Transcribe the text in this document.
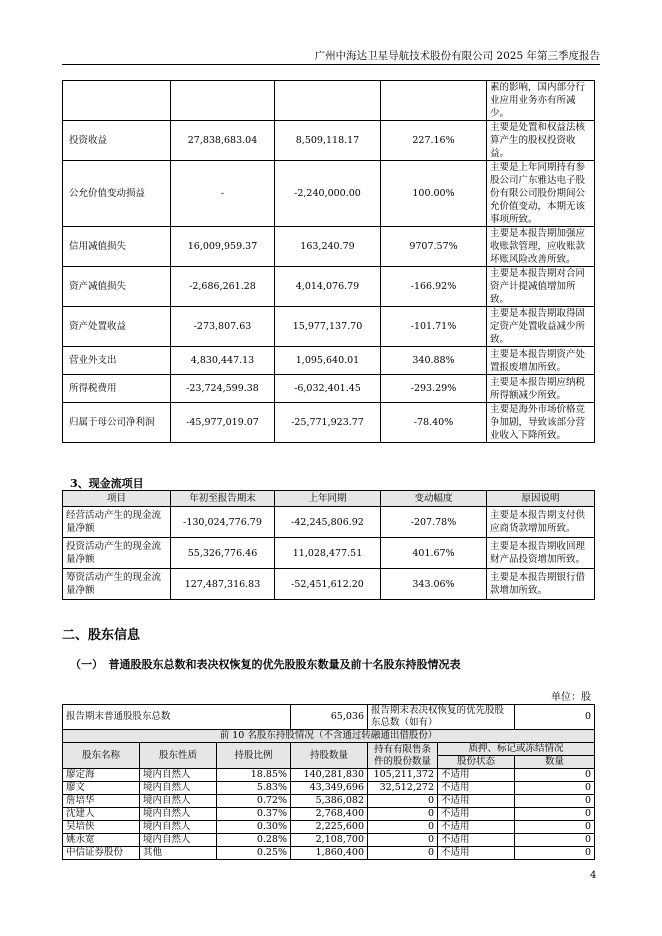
广州中海达卫星导航技术股份有限公司 2025 年第三季度报告
				素的影响，国内部分行业应用业务亦有所减少。
投资收益	27,838,683.04	8,509,118.17	227.16%	主要是处置和权益法核算产生的股权投资收益。
公允价值变动损益	-	-2,240,000.00	100.00%	主要是上年同期持有参股公司广东雅达电子股份有限公司股份期间公允价值变动，本期无该事项所致。
信用减值损失	16,009,959.37	163,240.79	9707.57%	主要是本报告期加强应收账款管理，应收账款坏账风险改善所致。
资产减值损失	-2,686,261.28	4,014,076.79	-166.92%	主要是本报告期对合同资产计提减值增加所致。
资产处置收益	-273,807.63	15,977,137.70	-101.71%	主要是本报告期取得固定资产处置收益减少所致。
营业外支出	4,830,447.13	1,095,640.01	340.88%	主要是本报告期资产处置报废增加所致。
所得税费用	-23,724,599.38	-6,032,401.45	-293.29%	主要是本报告期应纳税所得额减少所致。
归属于母公司净利润	-45,977,019.07	-25,771,923.77	-78.40%	主要是海外市场价格竞争加剧，导致该部分营业收入下降所致。
3、现金流项目
项目	年初至报告期末	上年同期	变动幅度	原因说明
经营活动产生的现金流量净额	-130,024,776.79	-42,245,806.92	-207.78%	主要是本报告期支付供应商货款增加所致。
投资活动产生的现金流量净额	55,326,776.46	11,028,477.51	401.67%	主要是本报告期收回理财产品投资增加所致。
筹资活动产生的现金流量净额	127,487,316.83	-52,451,612.20	343.06%	主要是本报告期银行借款增加所致。
二、股东信息
（一）　普通股股东总数和表决权恢复的优先股股东数量及前十名股东持股情况表
单位：股
报告期末普通股股东总数			65,036	报告期末表决权恢复的优先股股东总数（如有）		0
前 10 名股东持股情况（不含通过转融通出借股份）						
股东名称	股东性质	持股比例	持股数量	持有有限售条件的股份数量	质押、标记或冻结情况	
					股份状态	数量
廖定海	境内自然人	18.85%	140,281,830	105,211,372	不适用	0
廖文	境内自然人	5.83%	43,349,696	32,512,272	不适用	0
詹培华	境内自然人	0.72%	5,386,082	0	不适用	0
沈建人	境内自然人	0.37%	2,768,400	0	不适用	0
吴培侠	境内自然人	0.30%	2,225,600	0	不适用	0
姚永宽	境内自然人	0.28%	2,108,700	0	不适用	0
中信证券股份	其他	0.25%	1,860,400	0	不适用	0
4
